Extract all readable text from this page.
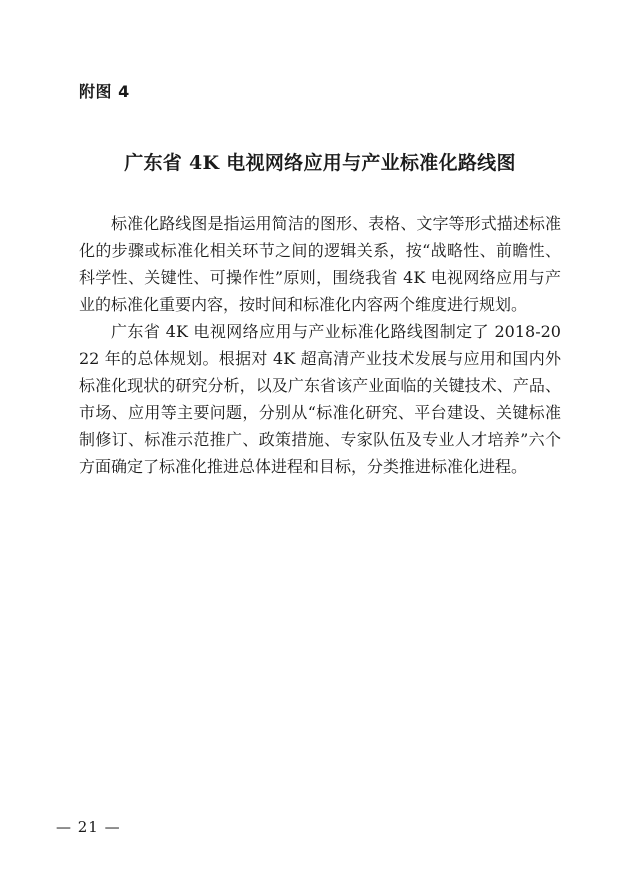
附图 4
广东省 4K 电视网络应用与产业标准化路线图

标准化路线图是指运用简洁的图形、表格、文字等形式描述标准化的步骤或标准化相关环节之间的逻辑关系，按“战略性、前瞻性、科学性、关键性、可操作性”原则，围绕我省 4K 电视网络应用与产业的标准化重要内容，按时间和标准化内容两个维度进行规划。

广东省 4K 电视网络应用与产业标准化路线图制定了 2018-2022 年的总体规划。根据对 4K 超高清产业技术发展与应用和国内外标准化现状的研究分析，以及广东省该产业面临的关键技术、产品、市场、应用等主要问题，分别从“标准化研究、平台建设、关键标准制修订、标准示范推广、政策措施、专家队伍及专业人才培养”六个方面确定了标准化推进总体进程和目标，分类推进标准化进程。

— 21 —
